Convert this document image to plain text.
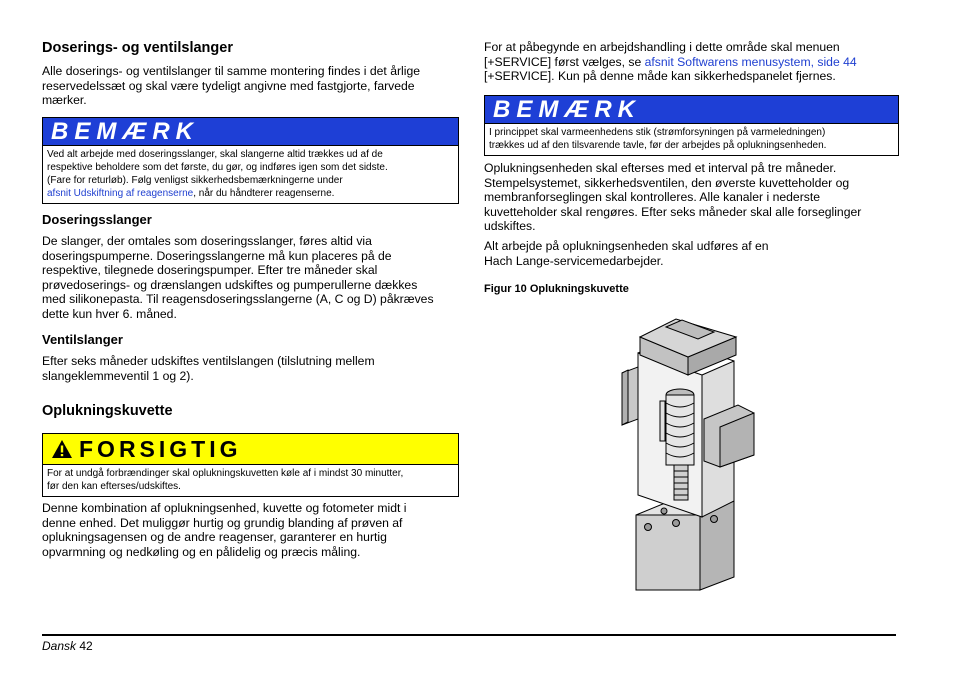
Doserings- og ventilslanger

Alle doserings- og ventilslanger til samme montering findes i det årlige
reservedelssæt og skal være tydeligt angivne med fastgjorte, farvede
mærker.

BEMÆRK
Ved alt arbejde med doseringsslanger, skal slangerne altid trækkes ud af de
respektive beholdere som det første, du gør, og indføres igen som det sidste.
(Fare for returløb). Følg venligst sikkerhedsbemærkningerne under
afsnit Udskiftning af reagenserne, når du håndterer reagenserne.
Doseringsslanger

De slanger, der omtales som doseringsslanger, føres altid via
doseringspumperne. Doseringsslangerne må kun placeres på de
respektive, tilegnede doseringspumper. Efter tre måneder skal
prøvedoserings- og drænslangen udskiftes og pumperullerne dækkes
med silikonepasta. Til reagensdoseringsslangerne (A, C og D) påkræves
dette kun hver 6. måned.

Ventilslanger

Efter seks måneder udskiftes ventilslangen (tilslutning mellem
slangeklemmeventil 1 og 2).

Oplukningskuvette
FORSIGTIG
For at undgå forbrændinger skal oplukningskuvetten køle af i mindst 30 minutter,
før den kan efterses/udskiftes.

Denne kombination af oplukningsenhed, kuvette og fotometer midt i
denne enhed. Det muliggør hurtig og grundig blanding af prøven af
oplukningsagensen og de andre reagenser, garanterer en hurtig
opvarmning og nedkøling og en pålidelig og præcis måling.

For at påbegynde en arbejdshandling i dette område skal menuen
[+SERVICE] først vælges, se afsnit Softwarens menusystem, side 44
[+SERVICE]. Kun på denne måde kan sikkerhedspanelet fjernes.

BEMÆRK
I princippet skal varmeenhedens stik (strømforsyningen på varmeledningen)
trækkes ud af den tilsvarende tavle, før der arbejdes på oplukningsenheden.

Oplukningsenheden skal efterses med et interval på tre måneder.
Stempelsystemet, sikkerhedsventilen, den øverste kuvetteholder og
membranforseglingen skal kontrolleres. Alle kanaler i nederste
kuvetteholder skal rengøres. Efter seks måneder skal alle forseglinger
udskiftes.

Alt arbejde på oplukningsenheden skal udføres af en
Hach Lange-servicemedarbejder.

Figur 10 Oplukningskuvette
Dansk 42
